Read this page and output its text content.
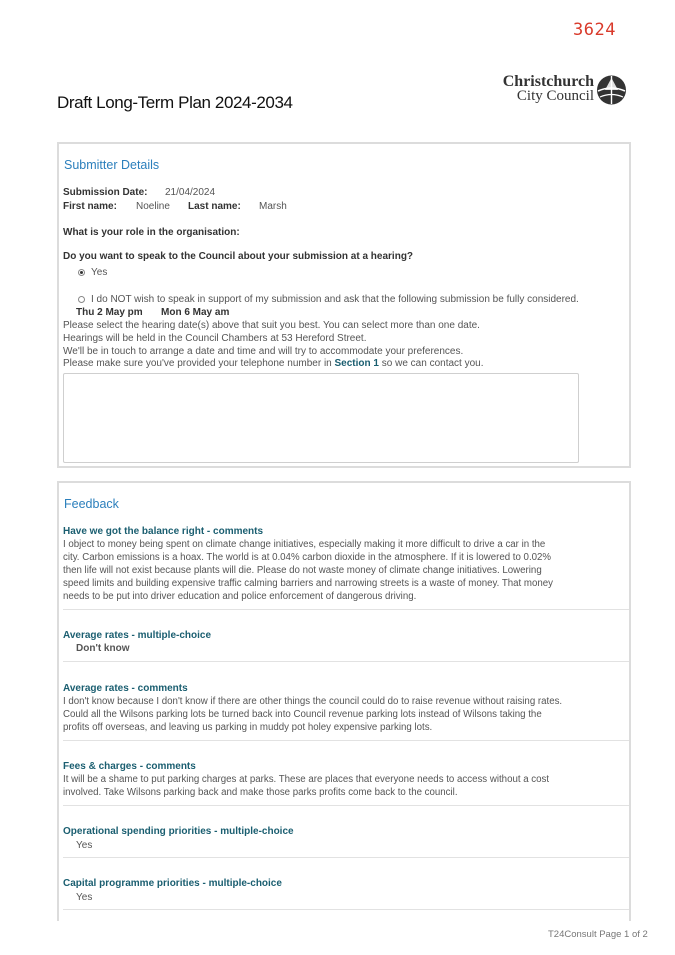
3624
Christchurch
City Council
Draft Long-Term Plan 2024-2034
Submitter Details
Submission Date: 21/04/2024
First name: Noeline Last name: Marsh
What is your role in the organisation:
Do you want to speak to the Council about your submission at a hearing?
Yes
I do NOT wish to speak in support of my submission and ask that the following submission be fully considered.
Thu 2 May pm Mon 6 May am
Please select the hearing date(s) above that suit you best. You can select more than one date.
Hearings will be held in the Council Chambers at 53 Hereford Street.
We'll be in touch to arrange a date and time and will try to accommodate your preferences.
Please make sure you've provided your telephone number in Section 1 so we can contact you.
Feedback
Have we got the balance right - comments
I object to money being spent on climate change initiatives, especially making it more difficult to drive a car in the
city. Carbon emissions is a hoax. The world is at 0.04% carbon dioxide in the atmosphere. If it is lowered to 0.02%
then life will not exist because plants will die. Please do not waste money of climate change initiatives. Lowering
speed limits and building expensive traffic calming barriers and narrowing streets is a waste of money. That money
needs to be put into driver education and police enforcement of dangerous driving.
Average rates - multiple-choice
Don't know
Average rates - comments
I don't know because I don't know if there are other things the council could do to raise revenue without raising rates.
Could all the Wilsons parking lots be turned back into Council revenue parking lots instead of Wilsons taking the
profits off overseas, and leaving us parking in muddy pot holey expensive parking lots.
Fees & charges - comments
It will be a shame to put parking charges at parks. These are places that everyone needs to access without a cost
involved. Take Wilsons parking back and make those parks profits come back to the council.
Operational spending priorities - multiple-choice
Yes
Capital programme priorities - multiple-choice
Yes
T24Consult Page 1 of 2
